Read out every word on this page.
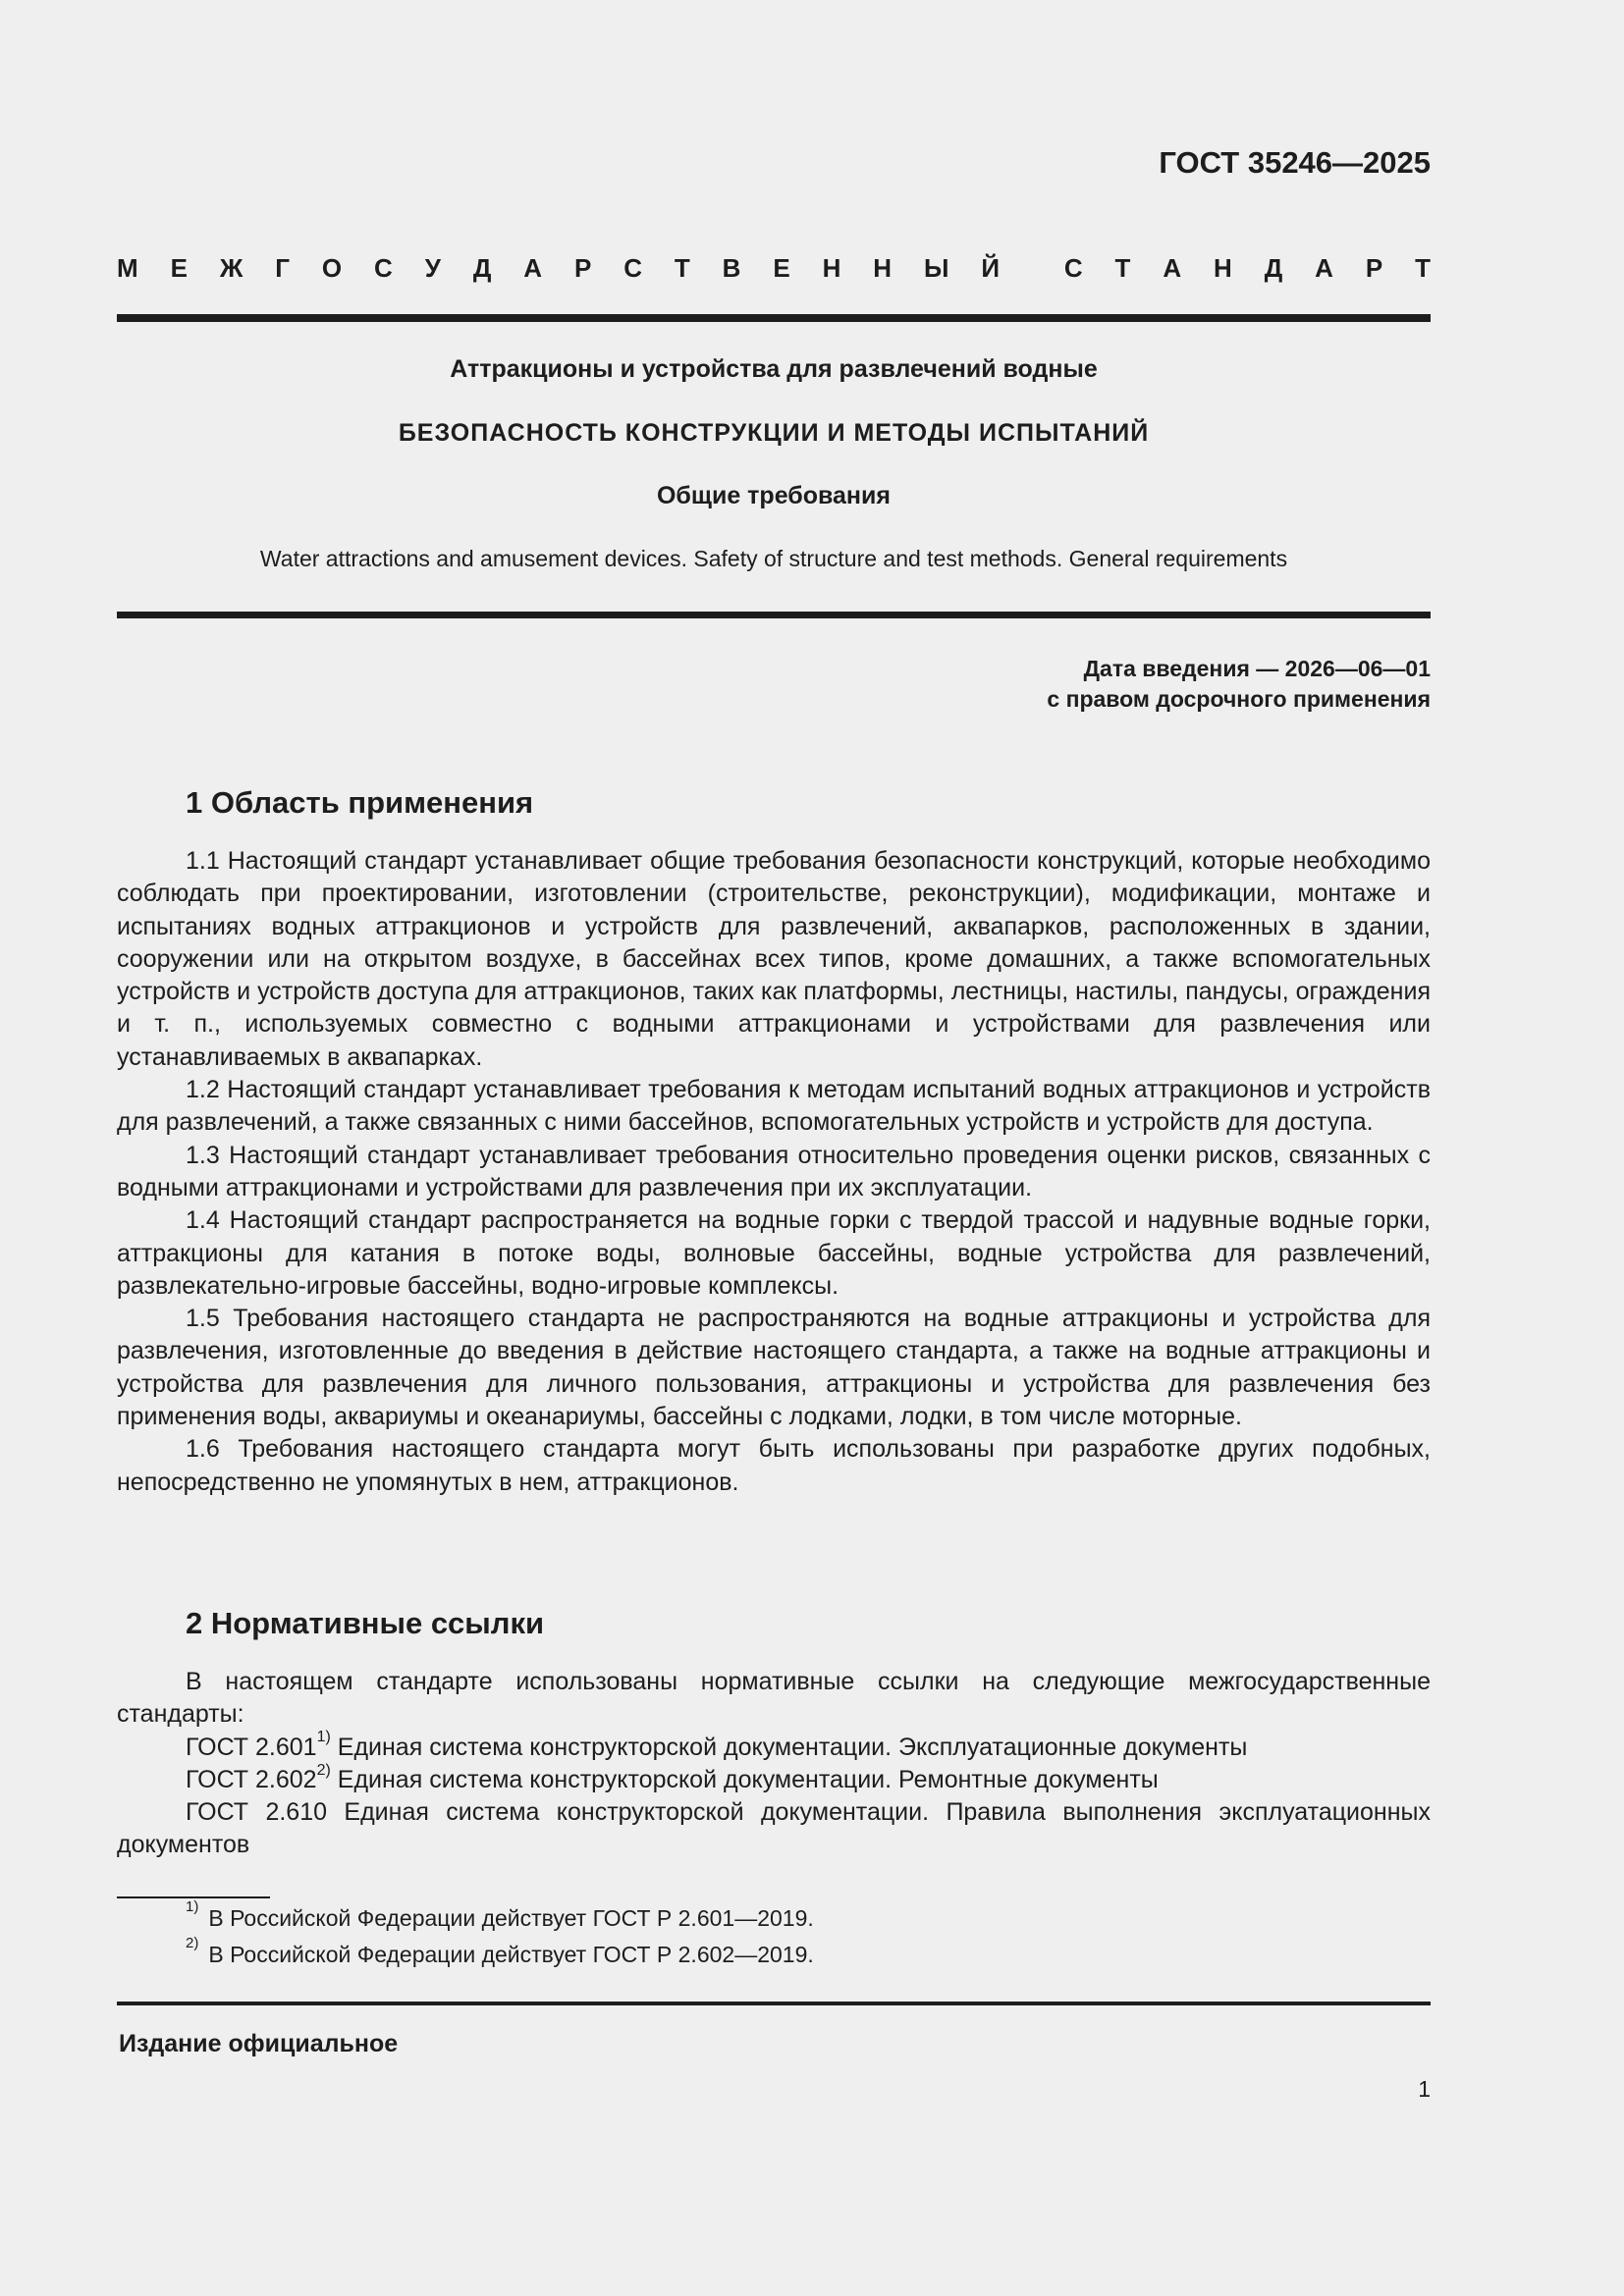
ГОСТ 35246—2025
М Е Ж Г О С У Д А Р С Т В Е Н Н Ы Й	С Т А Н Д А Р Т
Аттракционы и устройства для развлечений водные
БЕЗОПАСНОСТЬ КОНСТРУКЦИИ И МЕТОДЫ ИСПЫТАНИЙ
Общие требования
Water attractions and amusement devices. Safety of structure and test methods. General requirements
Дата введения — 2026—06—01
с правом досрочного применения
1 Область применения

1.1 Настоящий стандарт устанавливает общие требования безопасности конструкций, которые необходимо соблюдать при проектировании, изготовлении (строительстве, реконструкции), модификации, монтаже и испытаниях водных аттракционов и устройств для развлечений, аквапарков, расположенных в здании, сооружении или на открытом воздухе, в бассейнах всех типов, кроме домашних, а также вспомогательных устройств и устройств доступа для аттракционов, таких как платформы, лестницы, настилы, пандусы, ограждения и т. п., используемых совместно с водными аттракционами и устройствами для развлечения или устанавливаемых в аквапарках.

1.2 Настоящий стандарт устанавливает требования к методам испытаний водных аттракционов и устройств для развлечений, а также связанных с ними бассейнов, вспомогательных устройств и устройств для доступа.

1.3 Настоящий стандарт устанавливает требования относительно проведения оценки рисков, связанных с водными аттракционами и устройствами для развлечения при их эксплуатации.

1.4 Настоящий стандарт распространяется на водные горки с твердой трассой и надувные водные горки, аттракционы для катания в потоке воды, волновые бассейны, водные устройства для развлечений, развлекательно-игровые бассейны, водно-игровые комплексы.

1.5 Требования настоящего стандарта не распространяются на водные аттракционы и устройства для развлечения, изготовленные до введения в действие настоящего стандарта, а также на водные аттракционы и устройства для развлечения для личного пользования, аттракционы и устройства для развлечения без применения воды, аквариумы и океанариумы, бассейны с лодками, лодки, в том числе моторные.

1.6 Требования настоящего стандарта могут быть использованы при разработке других подобных, непосредственно не упомянутых в нем, аттракционов.

2 Нормативные ссылки

В настоящем стандарте использованы нормативные ссылки на следующие межгосударственные стандарты:

ГОСТ 2.601$^{1)}$ Единая система конструкторской документации. Эксплуатационные документы

ГОСТ 2.602$^{2)}$ Единая система конструкторской документации. Ремонтные документы

ГОСТ 2.610 Единая система конструкторской документации. Правила выполнения эксплуатационных документов

$^{1)}$ В Российской Федерации действует ГОСТ Р 2.601—2019.

$^{2)}$ В Российской Федерации действует ГОСТ Р 2.602—2019.

Издание официальное
1
